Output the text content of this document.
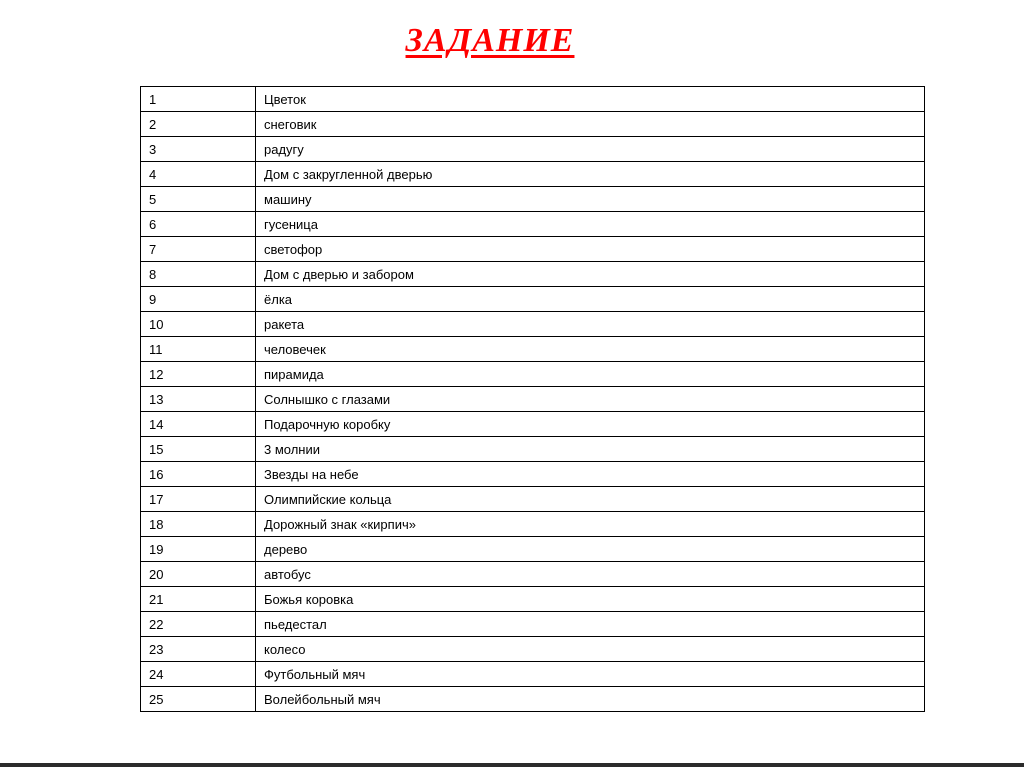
ЗАДАНИЕ
1	Цветок
2	снеговик
3	радугу
4	Дом с закругленной дверью
5	машину
6	гусеница
7	светофор
8	Дом с дверью и забором
9	ёлка
10	ракета
11	человечек
12	пирамида
13	Солнышко с глазами
14	Подарочную коробку
15	3 молнии
16	Звезды на небе
17	Олимпийские кольца
18	Дорожный знак «кирпич»
19	дерево
20	автобус
21	Божья коровка
22	пьедестал
23	колесо
24	Футбольный мяч
25	Волейбольный мяч
